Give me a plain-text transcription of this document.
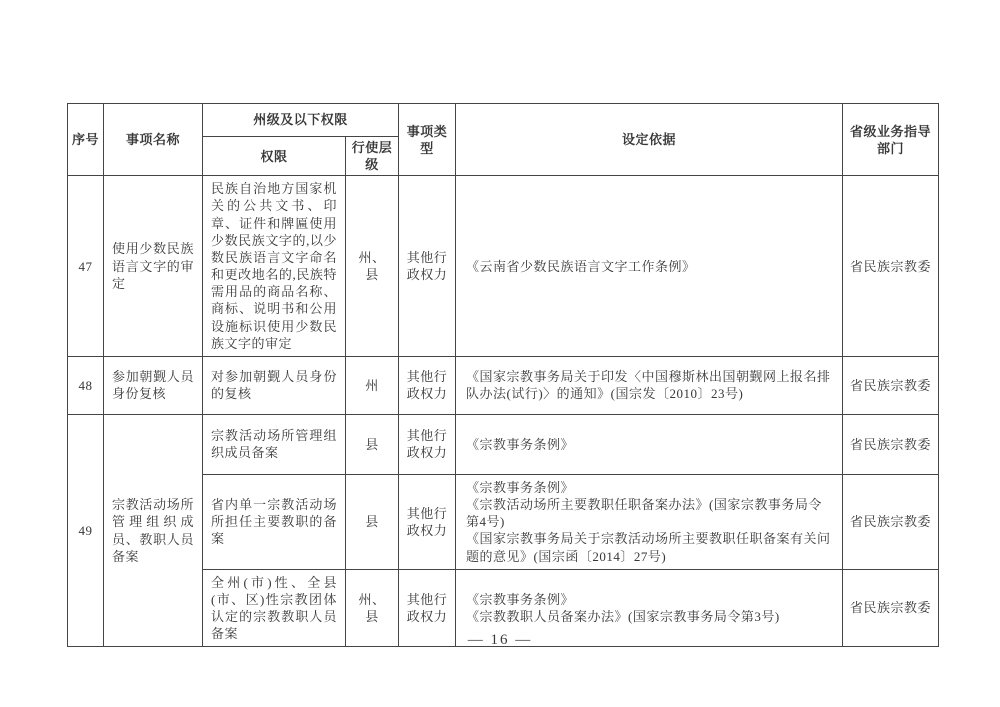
序号	事项名称	州级及以下权限		事项类型	设定依据	省级业务指导部门
		权限	行使层级			
47	使用少数民族语言文字的审定	民族自治地方国家机关的公共文书、印章、证件和牌匾使用少数民族文字的,以少数民族语言文字命名和更改地名的,民族特需用品的商品名称、商标、说明书和公用设施标识使用少数民族文字的审定	州、县	其他行政权力	《云南省少数民族语言文字工作条例》	省民族宗教委
48	参加朝觐人员身份复核	对参加朝觐人员身份的复核	州	其他行政权力	《国家宗教事务局关于印发〈中国穆斯林出国朝觐网上报名排队办法(试行)〉的通知》(国宗发〔2010〕23号)	省民族宗教委
49	宗教活动场所管理组织成员、教职人员备案	宗教活动场所管理组织成员备案	县	其他行政权力	《宗教事务条例》	省民族宗教委
		省内单一宗教活动场所担任主要教职的备案	县	其他行政权力	《宗教事务条例》
《宗教活动场所主要教职任职备案办法》(国家宗教事务局令第4号)
《国家宗教事务局关于宗教活动场所主要教职任职备案有关问题的意见》(国宗函〔2014〕27号)	省民族宗教委
		全州(市)性、全县(市、区)性宗教团体认定的宗教教职人员备案	州、县	其他行政权力	《宗教事务条例》
《宗教教职人员备案办法》(国家宗教事务局令第3号)	省民族宗教委
— 16 —
